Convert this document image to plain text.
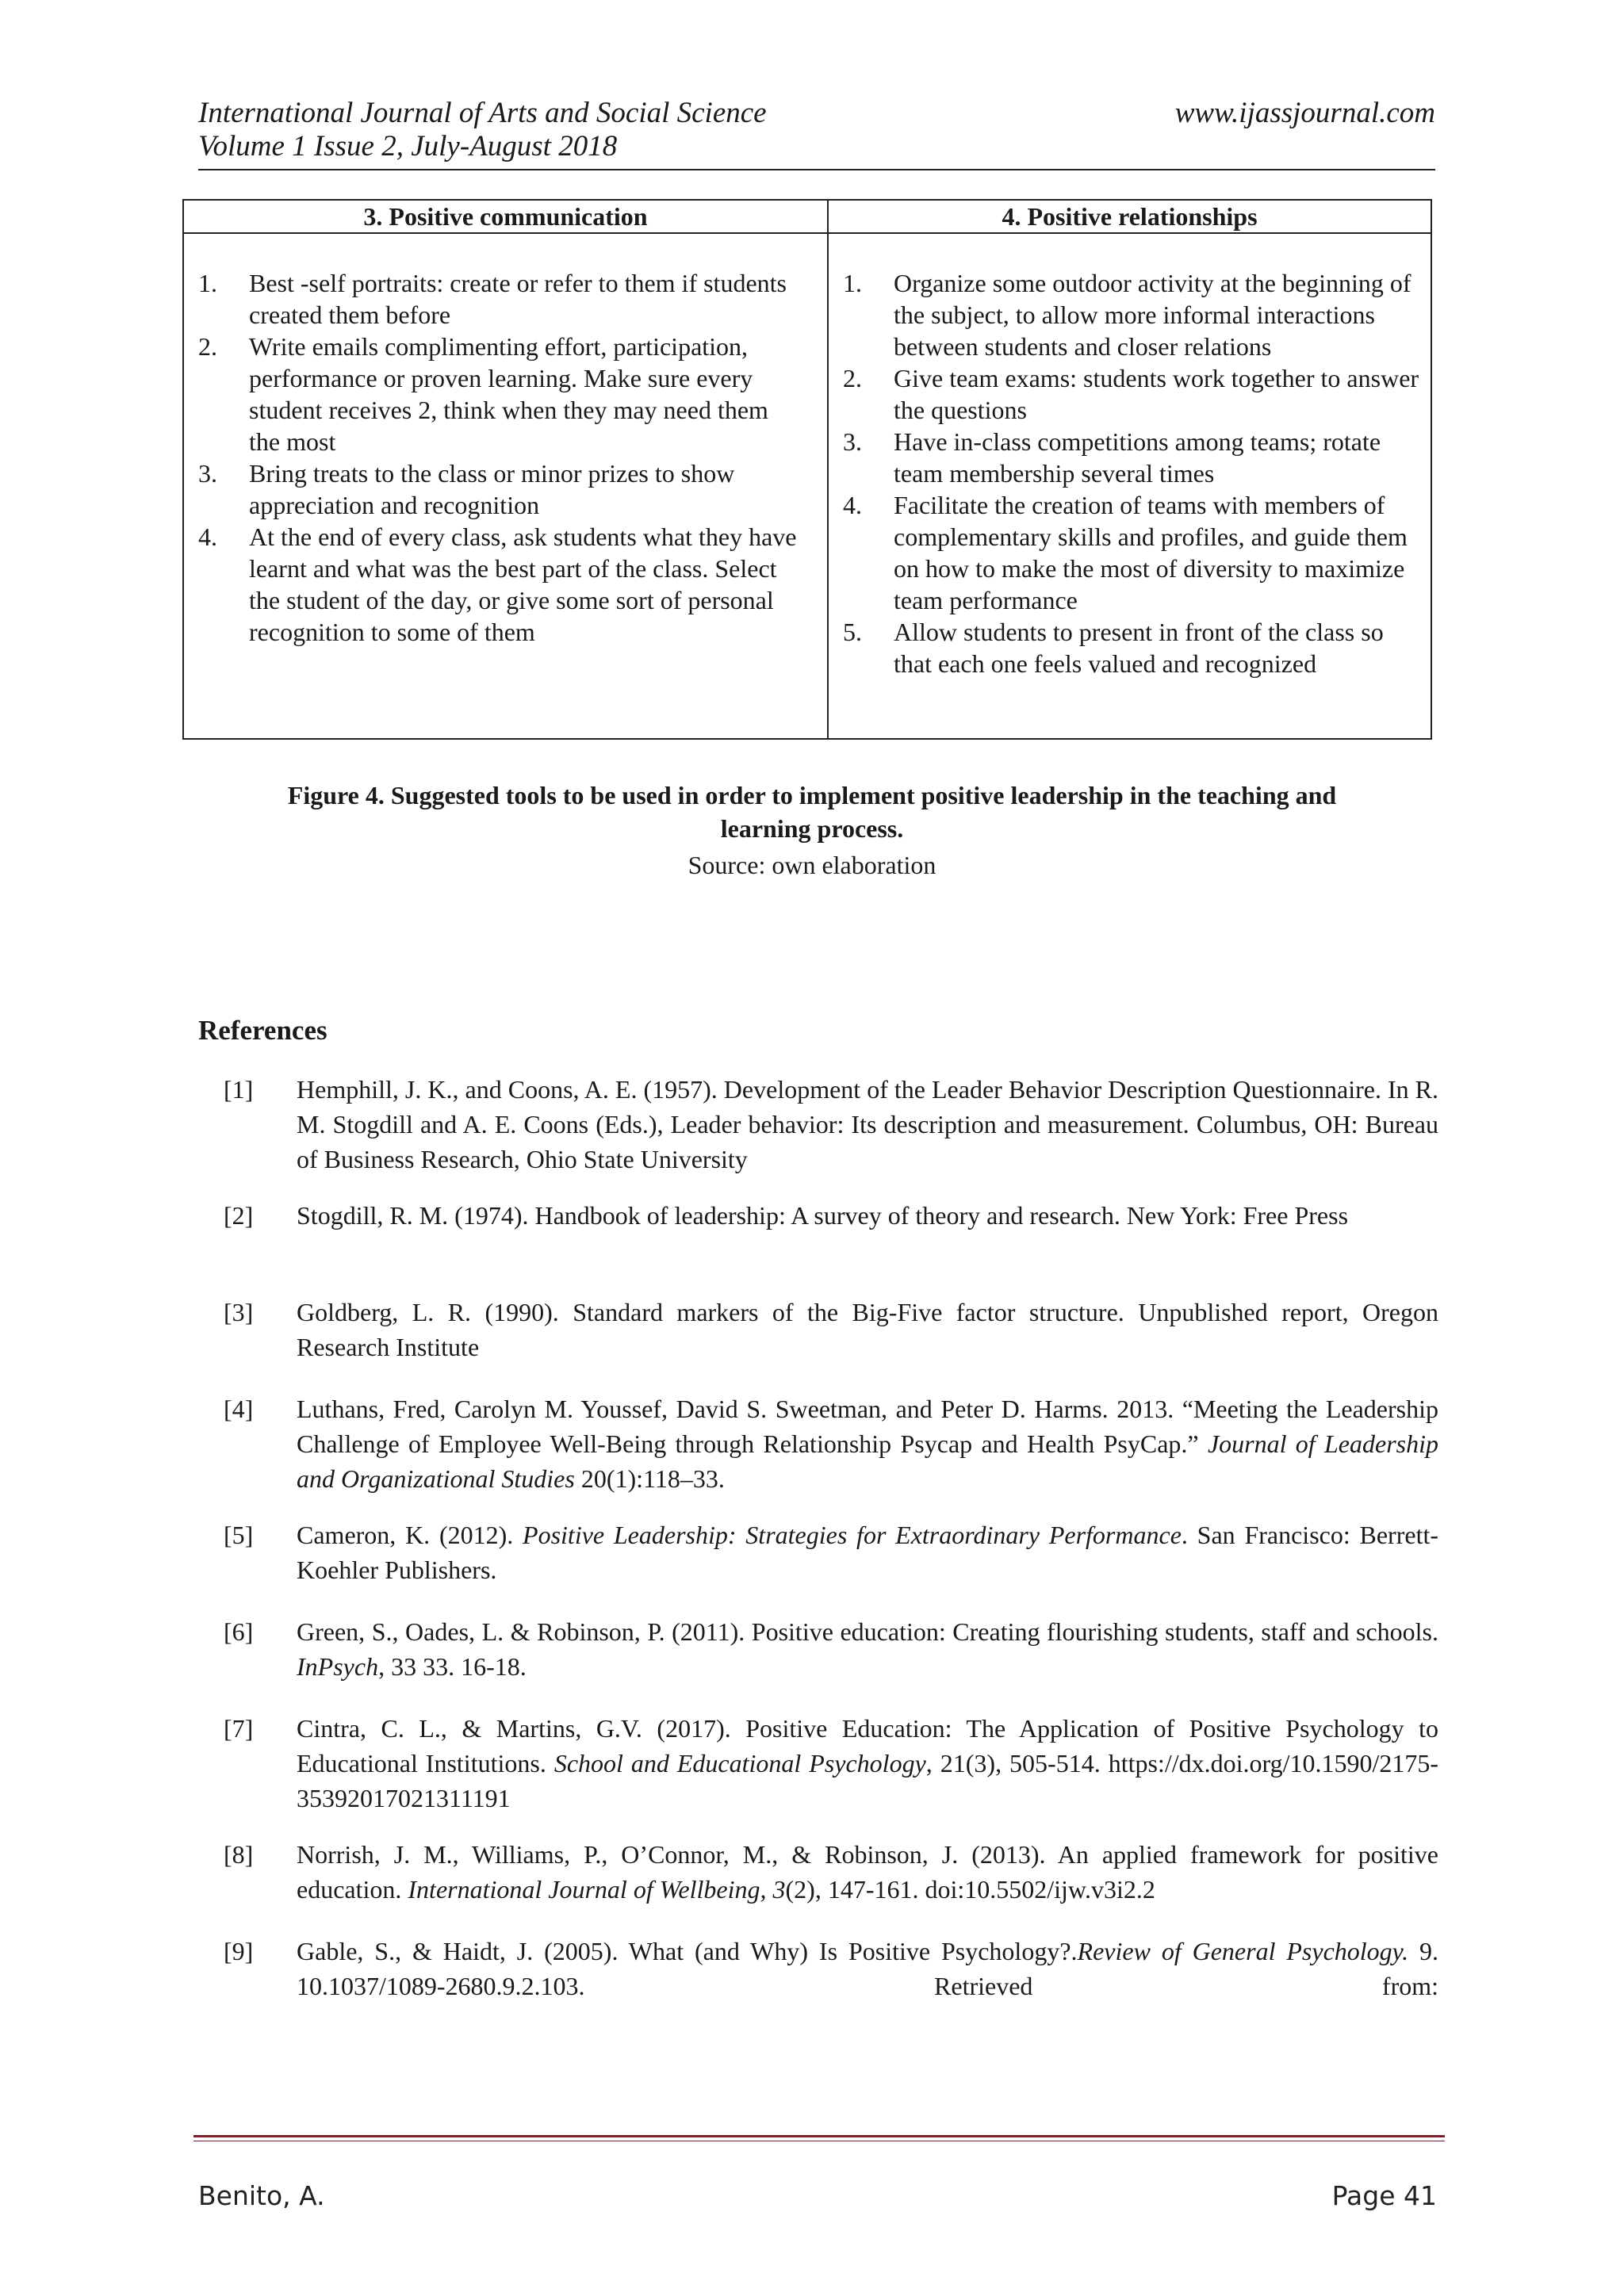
International Journal of Arts and Social Science
Volume 1 Issue 2, July-August 2018
www.ijassjournal.com
3. Positive communication
1. Best -self portraits: create or refer to them if students created them before
2. Write emails complimenting effort, participation, performance or proven learning. Make sure every student receives 2, think when they may need them the most
3. Bring treats to the class or minor prizes to show appreciation and recognition
4. At the end of every class, ask students what they have learnt and what was the best part of the class. Select the student of the day, or give some sort of personal recognition to some of them
4. Positive relationships
1. Organize some outdoor activity at the beginning of the subject, to allow more informal interactions between students and closer relations
2. Give team exams: students work together to answer the questions
3. Have in-class competitions among teams; rotate team membership several times
4. Facilitate the creation of teams with members of complementary skills and profiles, and guide them on how to make the most of diversity to maximize team performance
5. Allow students to present in front of the class so that each one feels valued and recognized
Figure 4. Suggested tools to be used in order to implement positive leadership in the teaching and
learning process.
Source: own elaboration
References
[1] Hemphill, J. K., and Coons, A. E. (1957). Development of the Leader Behavior Description Questionnaire. In R. M. Stogdill and A. E. Coons (Eds.), Leader behavior: Its description and measurement. Columbus, OH: Bureau of Business Research, Ohio State University
[2] Stogdill, R. M. (1974). Handbook of leadership: A survey of theory and research. New York: Free Press
[3] Goldberg, L. R. (1990). Standard markers of the Big-Five factor structure. Unpublished report, Oregon Research Institute
[4] Luthans, Fred, Carolyn M. Youssef, David S. Sweetman, and Peter D. Harms. 2013. “Meeting the Leadership Challenge of Employee Well-Being through Relationship Psycap and Health PsyCap.” Journal of Leadership and Organizational Studies 20(1):118–33.
[5] Cameron, K. (2012). Positive Leadership: Strategies for Extraordinary Performance. San Francisco: Berrett-Koehler Publishers.
[6] Green, S., Oades, L. & Robinson, P. (2011). Positive education: Creating flourishing students, staff and schools. InPsych, 33 33. 16-18.
[7] Cintra, C. L., & Martins, G.V. (2017). Positive Education: The Application of Positive Psychology to Educational Institutions. School and Educational Psychology, 21(3), 505-514. https://dx.doi.org/10.1590/2175-35392017021311191
[8] Norrish, J. M., Williams, P., O’Connor, M., & Robinson, J. (2013). An applied framework for positive education. International Journal of Wellbeing, 3(2), 147-161. doi:10.5502/ijw.v3i2.2
[9] Gable, S., & Haidt, J. (2005). What (and Why) Is Positive Psychology?.Review of General Psychology. 9. 10.1037/1089-2680.9.2.103. Retrieved from:
Benito, A.	Page 41
